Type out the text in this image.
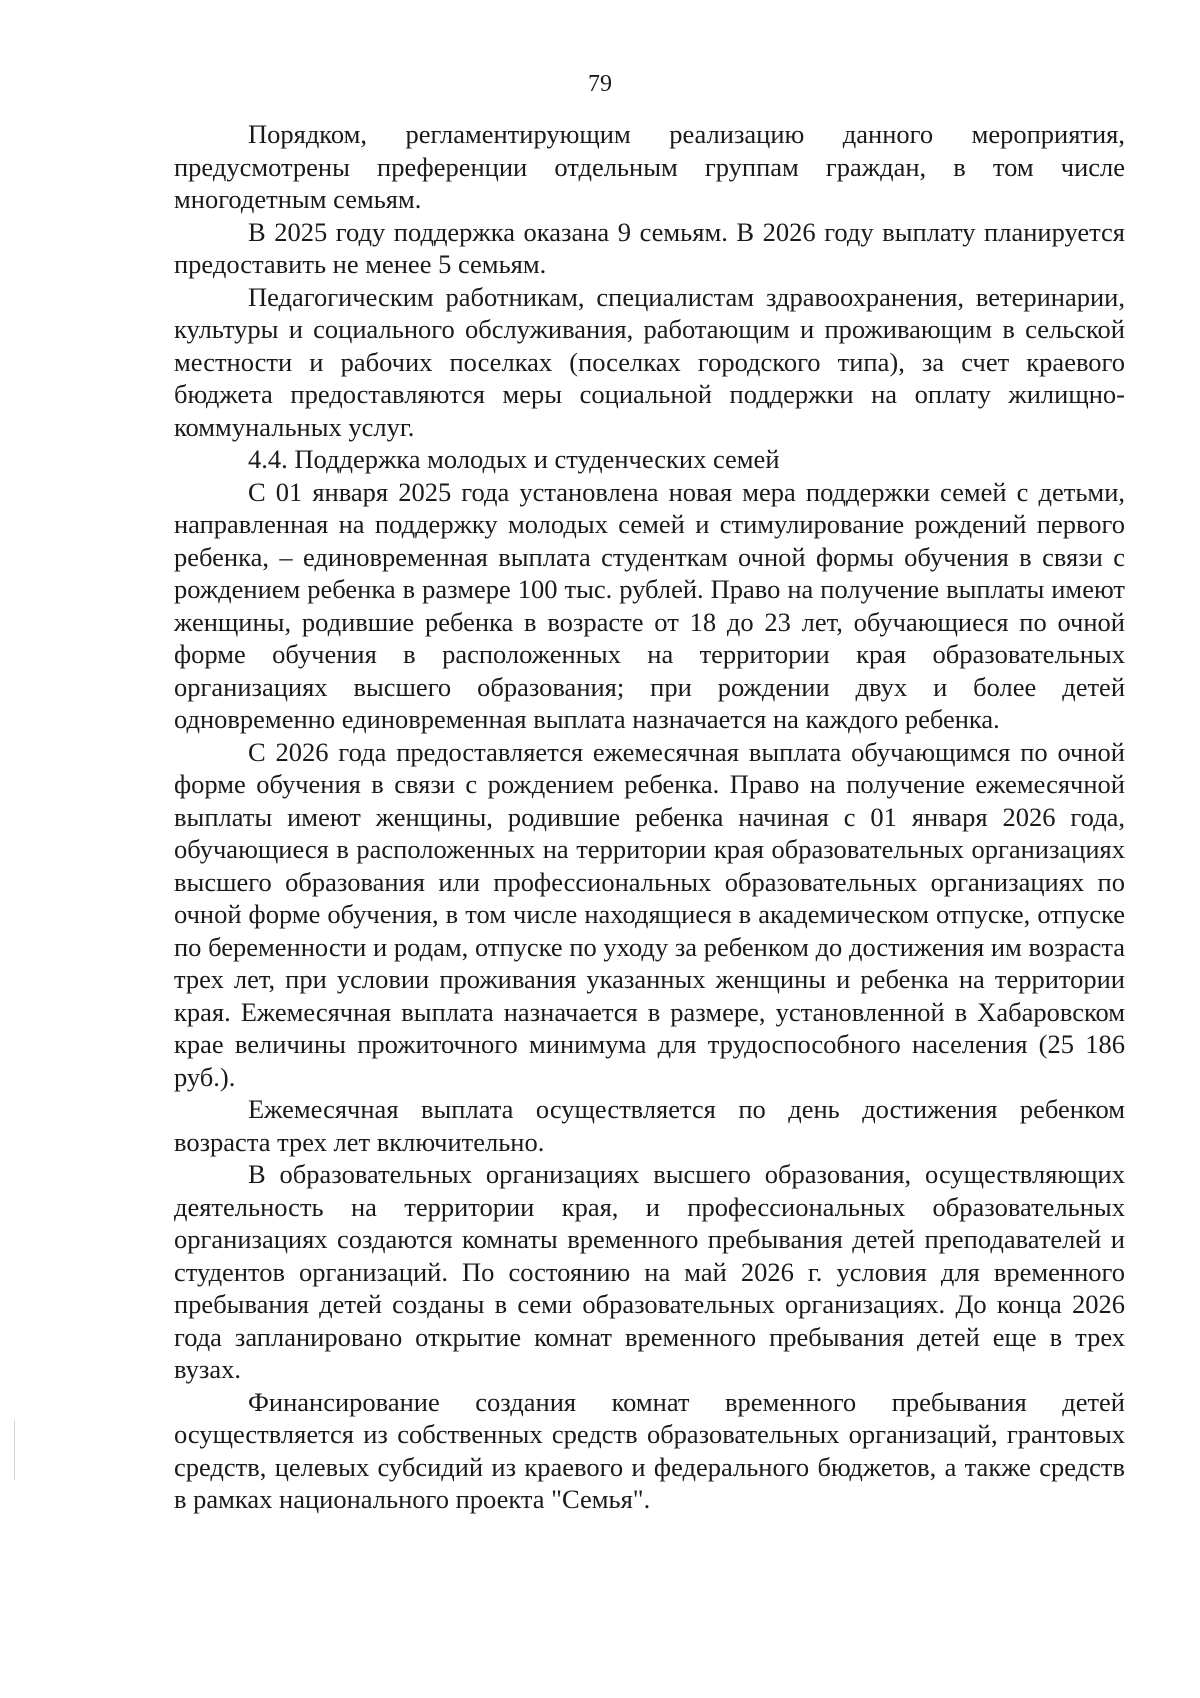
79

Порядком, регламентирующим реализацию данного мероприятия, предусмотрены преференции отдельным группам граждан, в том числе многодетным семьям.

В 2025 году поддержка оказана 9 семьям. В 2026 году выплату планируется предоставить не менее 5 семьям.

Педагогическим работникам, специалистам здравоохранения, ветеринарии, культуры и социального обслуживания, работающим и проживающим в сельской местности и рабочих поселках (поселках городского типа), за счет краевого бюджета предоставляются меры социальной поддержки на оплату жилищно-коммунальных услуг.

4.4. Поддержка молодых и студенческих семей

С 01 января 2025 года установлена новая мера поддержки семей с детьми, направленная на поддержку молодых семей и стимулирование рождений первого ребенка, – единовременная выплата студенткам очной формы обучения в связи с рождением ребенка в размере 100 тыс. рублей. Право на получение выплаты имеют женщины, родившие ребенка в возрасте от 18 до 23 лет, обучающиеся по очной форме обучения в расположенных на территории края образовательных организациях высшего образования; при рождении двух и более детей одновременно единовременная выплата назначается на каждого ребенка.

С 2026 года предоставляется ежемесячная выплата обучающимся по очной форме обучения в связи с рождением ребенка. Право на получение ежемесячной выплаты имеют женщины, родившие ребенка начиная с 01 января 2026 года, обучающиеся в расположенных на территории края образовательных организациях высшего образования или профессиональных образовательных организациях по очной форме обучения, в том числе находящиеся в академическом отпуске, отпуске по беременности и родам, отпуске по уходу за ребенком до достижения им возраста трех лет, при условии проживания указанных женщины и ребенка на территории края. Ежемесячная выплата назначается в размере, установленной в Хабаровском крае величины прожиточного минимума для трудоспособного населения (25 186 руб.).

Ежемесячная выплата осуществляется по день достижения ребенком возраста трех лет включительно.

В образовательных организациях высшего образования, осуществляющих деятельность на территории края, и профессиональных образовательных организациях создаются комнаты временного пребывания детей преподавателей и студентов организаций. По состоянию на май 2026 г. условия для временного пребывания детей созданы в семи образовательных организациях. До конца 2026 года запланировано открытие комнат временного пребывания детей еще в трех вузах.

Финансирование создания комнат временного пребывания детей осуществляется из собственных средств образовательных организаций, грантовых средств, целевых субсидий из краевого и федерального бюджетов, а также средств в рамках национального проекта "Семья".
